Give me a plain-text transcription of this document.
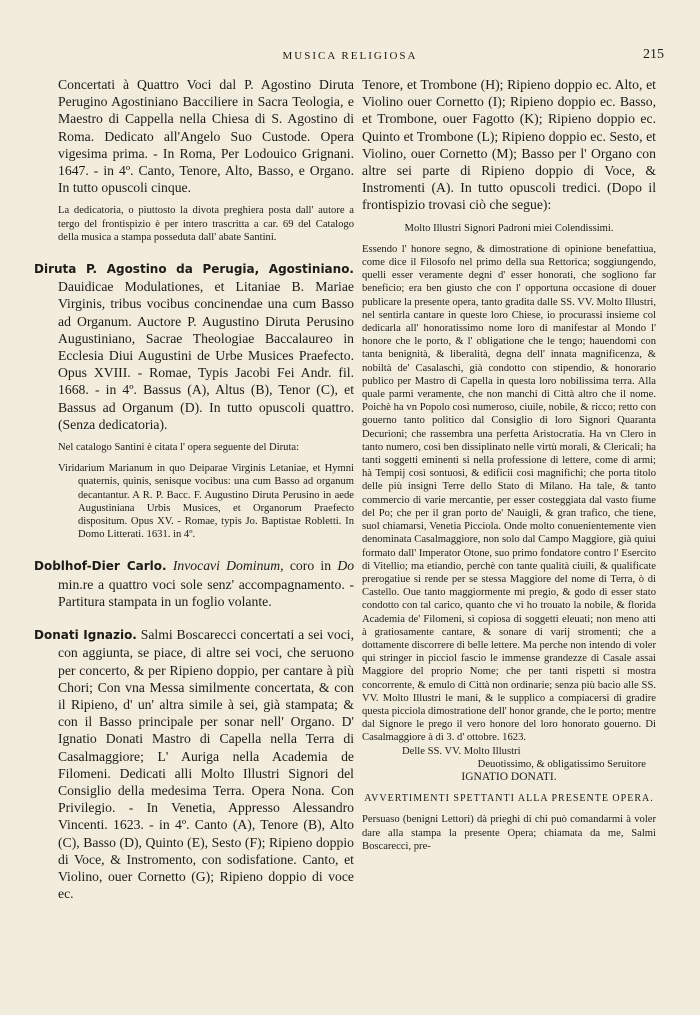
MUSICA RELIGIOSA	215

Concertati à Quattro Voci dal P. Agostino Diruta Perugino Agostiniano Bacciliere in Sacra Teologia, e Maestro di Cappella nella Chiesa di S. Agostino di Roma. Dedicato all'Angelo Suo Custode. Opera vigesima prima. - In Roma, Per Lodouico Grignani. 1647. - in 4º. Canto, Tenore, Alto, Basso, e Organo. In tutto opuscoli cinque.

La dedicatoria, o piuttosto la divota preghiera posta dall' autore a tergo del frontispizio è per intero trascritta a car. 69 del Catalogo della musica a stampa posseduta dall' abate Santini.

Diruta P. Agostino da Perugia, Agostiniano. Dauidicae Modulationes, et Litaniae B. Mariae Virginis, tribus vocibus concinendae una cum Basso ad Organum. Auctore P. Augustino Diruta Perusino Augustiniano, Sacrae Theologiae Baccalaureo in Ecclesia Diui Augustini de Urbe Musices Praefecto. Opus XVIII. - Romae, Typis Jacobi Fei Andr. fil. 1668. - in 4º. Bassus (A), Altus (B), Tenor (C), et Bassus ad Organum (D). In tutto opuscoli quattro. (Senza dedicatoria).

Nel catalogo Santini è citata l' opera seguente del Diruta:

Viridarium Marianum in quo Deiparae Virginis Letaniae, et Hymni quaternis, quinis, senisque vocibus: una cum Basso ad organum decantantur. A R. P. Bacc. F. Augustino Diruta Perusino in aede Augustiniana Urbis Musices, et Organorum Praefecto dispositum. Opus XV. - Romae, typis Jo. Baptistae Robletti. In Domo Litterati. 1631. in 4º.

Doblhof-Dier Carlo. Invocavi Dominum, coro in Do min.re a quattro voci sole senz' accompagnamento. - Partitura stampata in un foglio volante.

Donati Ignazio. Salmi Boscarecci concertati a sei voci, con aggiunta, se piace, di altre sei voci, che seruono per concerto, & per Ripieno doppio, per cantare à più Chori; Con vna Messa similmente concertata, & con il Ripieno, d' un' altra simile à sei, già stampata; & con il Basso principale per sonar nell' Organo. D' Ignatio Donati Mastro di Capella nella Terra di Casalmaggiore; L' Auriga nella Academia de Filomeni. Dedicati alli Molto Illustri Signori del Consiglio della medesima Terra. Opera Nona. Con Privilegio. - In Venetia, Appresso Alessandro Vincenti. 1623. - in 4º. Canto (A), Tenore (B), Alto (C), Basso (D), Quinto (E), Sesto (F); Ripieno doppio di Voce, & Instromento, con sodisfatione. Canto, et Violino, ouer Cornetto (G); Ripieno doppio di voce ec.

Tenore, et Trombone (H); Ripieno doppio ec. Alto, et Violino ouer Cornetto (I); Ripieno doppio ec. Basso, et Trombone, ouer Fagotto (K); Ripieno doppio ec. Quinto et Trombone (L); Ripieno doppio ec. Sesto, et Violino, ouer Cornetto (M); Basso per l' Organo con altre sei parte di Ripieno doppio di Voce, & Instromenti (A). In tutto opuscoli tredici. (Dopo il frontispizio trovasi ciò che segue):

Molto Illustri Signori Padroni miei Colendissimi.

Essendo l' honore segno, & dimostratione di opinione benefattiua, come dice il Filosofo nel primo della sua Rettorica; soggiungendo, quelli esser veramente degni d' esser honorati, che sogliono far beneficio; era ben giusto che con l' opportuna occasione di douer publicare la presente opera, tanto gradita dalle SS. VV. Molto Illustri, nel sentirla cantare in queste loro Chiese, io procurassi insieme col dedicarla all' honoratissimo nome loro di manifestar al Mondo l' honore che le porto, & l' obligatione che le tengo; hauendomi con tanta benignità, & liberalità, degna dell' innata magnificenza, & nobiltà de' Casalaschi, già condotto con stipendio, & honorario publico per Mastro di Capella in questa loro nobilissima terra. Alla quale parmi veramente, che non manchi di Città altro che il nome. Poichè ha vn Popolo così numeroso, ciuile, nobile, & ricco; retto con gouerno tanto politico dal Consiglio di loro Signori Quaranta Decurioni; che rassembra una perfetta Aristocratia. Ha vn Clero in tanto numero, così ben dissiplinato nelle virtù morali, & Clericali; ha tanti soggetti eminenti si nella professione di lettere, come di armi; hà Tempij così sontuosi, & edificii così magnifichi; che porta titolo delle più insigni Terre dello Stato di Milano. Ha tale, & tanto commercio di varie mercantie, per esser costeggiata dal vasto fiume del Po; che per il gran porto de' Nauigli, & gran trafico, che tiene, suol chiamarsi, Venetia Picciola. Onde molto conuenientemente vien denominata Casalmaggiore, non solo dal Campo Maggiore, già quiui formato dall' Imperator Otone, suo primo fondatore contro l' Esercito di Vitellio; ma etiandio, perchè con tante qualità ciuili, & qualificate prerogatiue si rende per se stessa Maggiore del nome di Terra, ò di Castello. Oue tanto maggiormente mi pregio, & godo di esser stato condotto con tal carico, quanto che vi ho trouato la nobile, & florida Academia de' Filomeni, sì copiosa di soggetti eleuati; non meno atti à gratiosamente cantare, & sonare di varij stromenti; che a dottamente discorrere di belle lettere. Ma perche non intendo di voler qui stringer in picciol fascio le immense grandezze di Casale assai Maggiore del proprio Nome; che per tanti rispetti si mostra concorrente, & emulo di Città non ordinarie; senza più bacio alle SS. VV. Molto Illustri le mani, & le supplico a compiacersi di gradire questa picciola dimostratione dell' honor grande, che le porto; mentre dal Signore le prego il vero honore del loro honorato gouerno. Di Casalmaggiore à dì 3. d' ottobre. 1623.

Delle SS. VV. Molto Illustri

Deuotissimo, & obligatissimo Seruitore

IGNATIO DONATI.

AVVERTIMENTI SPETTANTI ALLA PRESENTE OPERA.

Persuaso (benigni Lettori) dà prieghi di chi può comandarmi à voler dare alla stampa la presente Opera; chiamata da me, Salmi Boscarecci, pre-
